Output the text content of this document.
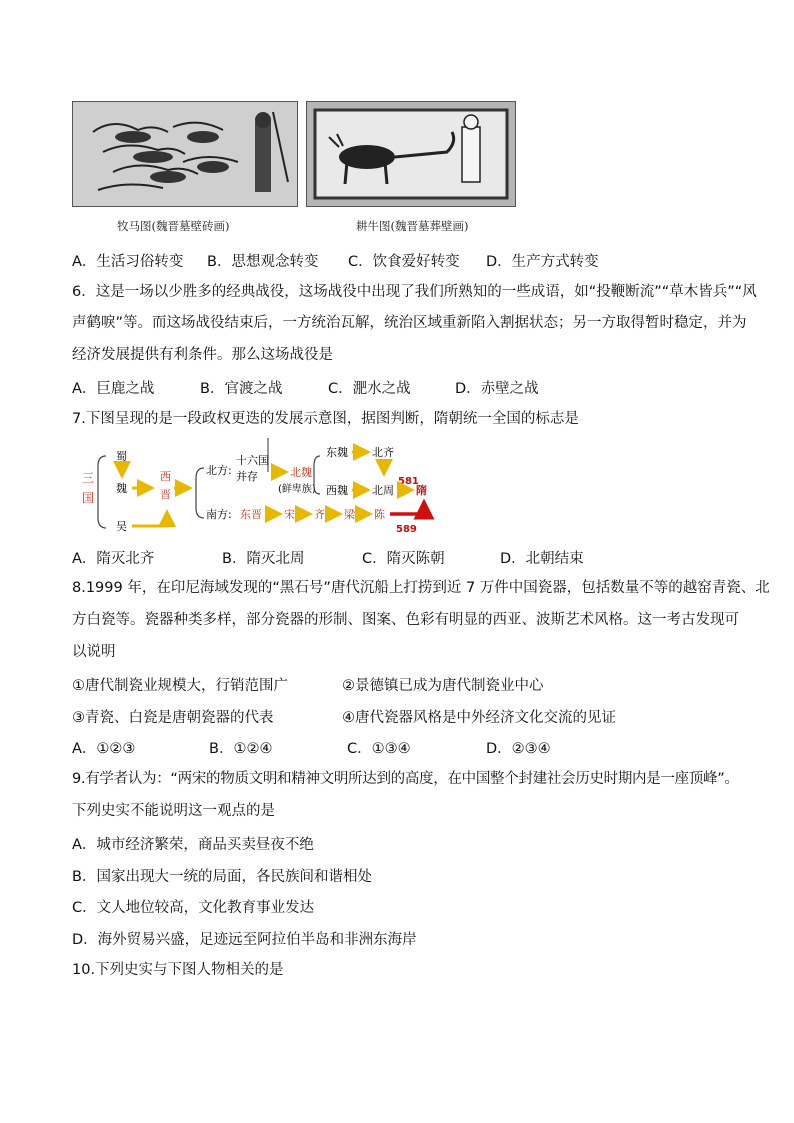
牧马图(魏晋墓壁砖画)	耕牛图(魏晋墓葬壁画)
A．生活习俗转变 B．思想观念转变 C．饮食爱好转变 D．生产方式转变
6．这是一场以少胜多的经典战役，这场战役中出现了我们所熟知的一些成语，如“投鞭断流”“草木皆兵”“风
声鹤唳”等。而这场战役结束后，一方统治瓦解，统治区域重新陷入割据状态；另一方取得暂时稳定，并为
经济发展提供有利条件。那么这场战役是
A．巨鹿之战	B．官渡之战	C．淝水之战	D．赤壁之战
7.下图呈现的是一段政权更迭的发展示意图，据图判断，隋朝统一全国的标志是
三
国
蜀
魏
吴
西
晋
北方:
十六国
并存	北魏
(鲜卑族)
东魏 北齐
西魏 北周
581
隋
南方: 东晋 宋 齐 梁 陈
589
A．隋灭北齐	B．隋灭北周	C．隋灭陈朝	D．北朝结束
8.1999 年，在印尼海域发现的“黑石号”唐代沉船上打捞到近 7 万件中国瓷器，包括数量不等的越窑青瓷、北
方白瓷等。瓷器种类多样，部分瓷器的形制、图案、色彩有明显的西亚、波斯艺术风格。这一考古发现可
以说明
①唐代制瓷业规模大，行销范围广	②景德镇已成为唐代制瓷业中心
③青瓷、白瓷是唐朝瓷器的代表	④唐代瓷器风格是中外经济文化交流的见证
A．①②③	B．①②④	C．①③④	D．②③④
9.有学者认为：“两宋的物质文明和精神文明所达到的高度，在中国整个封建社会历史时期内是一座顶峰”。
下列史实不能说明这一观点的是
A．城市经济繁荣，商品买卖昼夜不绝
B．国家出现大一统的局面，各民族间和谐相处
C．文人地位较高，文化教育事业发达
D．海外贸易兴盛，足迹远至阿拉伯半岛和非洲东海岸
10.下列史实与下图人物相关的是
